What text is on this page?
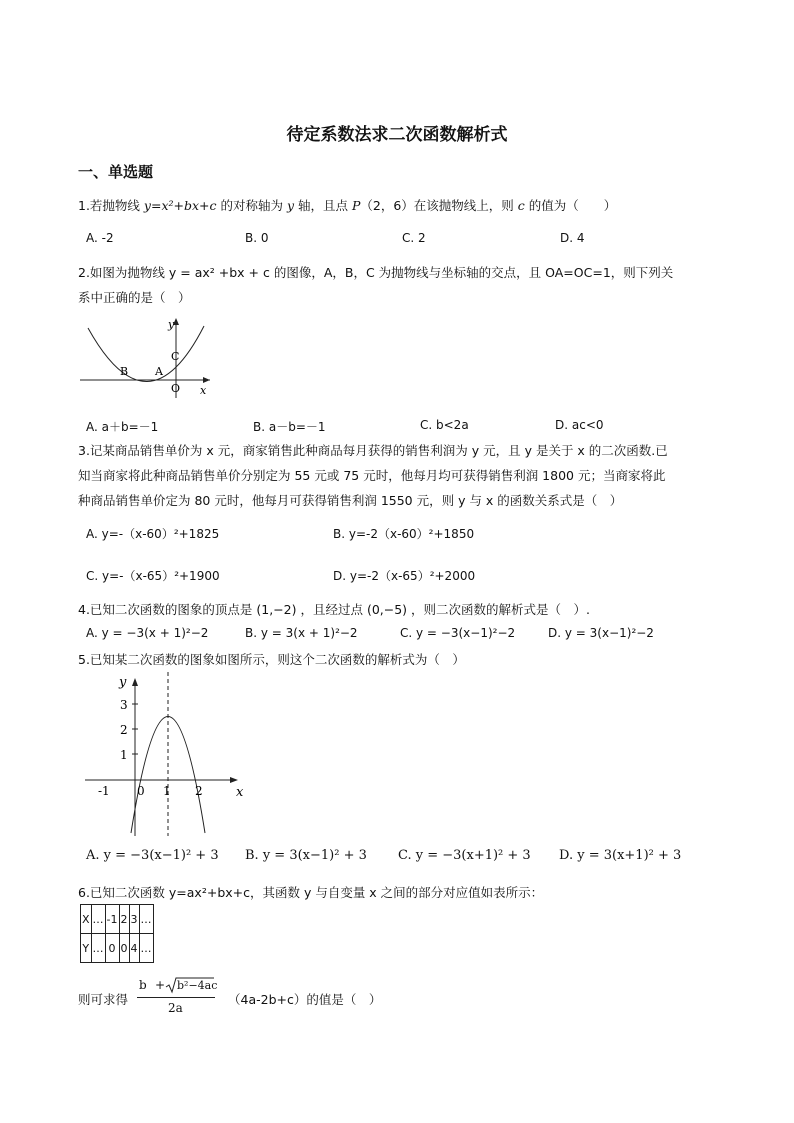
待定系数法求二次函数解析式
一、单选题
1.若抛物线 y=x²+bx+c 的对称轴为 y 轴，且点 P（2，6）在该抛物线上，则 c 的值为（　　）
A. -2	B. 0	C. 2	D. 4
2.如图为抛物线 y = ax² +bx + c 的图像，A，B，C 为抛物线与坐标轴的交点，且 OA=OC=1，则下列关
系中正确的是（　）
y
x
B A
C
O
A. a＋b=－1	B. a－b=－1	C. b<2a	D. ac<0
3.记某商品销售单价为 x 元，商家销售此种商品每月获得的销售利润为 y 元，且 y 是关于 x 的二次函数.已
知当商家将此种商品销售单价分别定为 55 元或 75 元时，他每月均可获得销售利润 1800 元；当商家将此
种商品销售单价定为 80 元时，他每月可获得销售利润 1550 元，则 y 与 x 的函数关系式是（　）
A. y=-（x-60）²+1825	B. y=-2（x-60）²+1850
C. y=-（x-65）²+1900	D. y=-2（x-65）²+2000
4.已知二次函数的图象的顶点是 (1,−2) ，且经过点 (0,−5) ，则二次函数的解析式是（　）.
A. y = −3(x + 1)²−2	B. y = 3(x + 1)²−2	C. y = −3(x−1)²−2	D. y = 3(x−1)²−2
5.已知某二次函数的图象如图所示，则这个二次函数的解析式为（　）
y
x
3
2
1
-1 0 1 2
A. y = −3(x−1)² + 3 B. y = 3(x−1)² + 3 C. y = −3(x+1)² + 3 D. y = 3(x+1)² + 3
6.已知二次函数 y=ax²+bx+c，其函数 y 与自变量 x 之间的部分对应值如表所示：
X	…	-1	2	3	…
Y	…	0	0	4	…
则可求得
b + b²−4ac
2a
（4a-2b+c）的值是（　）
